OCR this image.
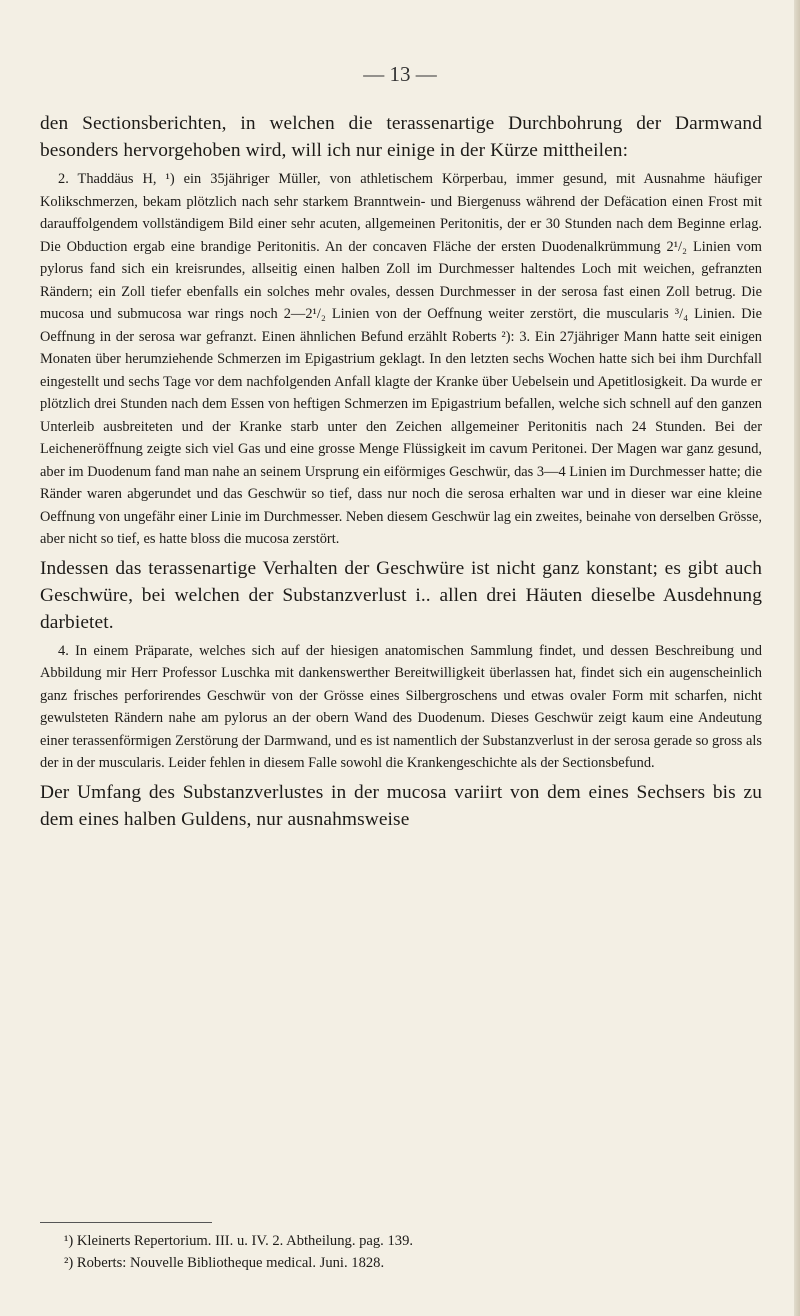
— 13 —

den Sectionsberichten, in welchen die terassenartige Durchbohrung der Darmwand besonders hervorgehoben wird, will ich nur einige in der Kürze mittheilen:

2. Thaddäus H, ¹) ein 35jähriger Müller, von athletischem Körperbau, immer gesund, mit Ausnahme häufiger Kolikschmerzen, bekam plötzlich nach sehr starkem Branntwein- und Biergenuss während der Defäcation einen Frost mit darauffolgendem vollständigem Bild einer sehr acuten, allgemeinen Peritonitis, der er 30 Stunden nach dem Beginne erlag. Die Obduction ergab eine brandige Peritonitis. An der concaven Fläche der ersten Duodenalkrümmung 2¹/₂ Linien vom pylorus fand sich ein kreisrundes, allseitig einen halben Zoll im Durchmesser haltendes Loch mit weichen, gefranzten Rändern; ein Zoll tiefer ebenfalls ein solches mehr ovales, dessen Durchmesser in der serosa fast einen Zoll betrug. Die mucosa und submucosa war rings noch 2—2¹/₂ Linien von der Oeffnung weiter zerstört, die muscularis ³/₄ Linien. Die Oeffnung in der serosa war gefranzt. Einen ähnlichen Befund erzählt Roberts ²): 3. Ein 27jähriger Mann hatte seit einigen Monaten über herumziehende Schmerzen im Epigastrium geklagt. In den letzten sechs Wochen hatte sich bei ihm Durchfall eingestellt und sechs Tage vor dem nachfolgenden Anfall klagte der Kranke über Uebelsein und Apetitlosigkeit. Da wurde er plötzlich drei Stunden nach dem Essen von heftigen Schmerzen im Epigastrium befallen, welche sich schnell auf den ganzen Unterleib ausbreiteten und der Kranke starb unter den Zeichen allgemeiner Peritonitis nach 24 Stunden. Bei der Leicheneröffnung zeigte sich viel Gas und eine grosse Menge Flüssigkeit im cavum Peritonei. Der Magen war ganz gesund, aber im Duodenum fand man nahe an seinem Ursprung ein eiförmiges Geschwür, das 3—4 Linien im Durchmesser hatte; die Ränder waren abgerundet und das Geschwür so tief, dass nur noch die serosa erhalten war und in dieser war eine kleine Oeffnung von ungefähr einer Linie im Durchmesser. Neben diesem Geschwür lag ein zweites, beinahe von derselben Grösse, aber nicht so tief, es hatte bloss die mucosa zerstört.

Indessen das terassenartige Verhalten der Geschwüre ist nicht ganz konstant; es gibt auch Geschwüre, bei welchen der Substanzverlust i.. allen drei Häuten dieselbe Ausdehnung darbietet.

4. In einem Präparate, welches sich auf der hiesigen anatomischen Sammlung findet, und dessen Beschreibung und Abbildung mir Herr Professor Luschka mit dankenswerther Bereitwilligkeit überlassen hat, findet sich ein augenscheinlich ganz frisches perforirendes Geschwür von der Grösse eines Silbergroschens und etwas ovaler Form mit scharfen, nicht gewulsteten Rändern nahe am pylorus an der obern Wand des Duodenum. Dieses Geschwür zeigt kaum eine Andeutung einer terassenförmigen Zerstörung der Darmwand, und es ist namentlich der Substanzverlust in der serosa gerade so gross als der in der muscularis. Leider fehlen in diesem Falle sowohl die Krankengeschichte als der Sectionsbefund.

Der Umfang des Substanzverlustes in der mucosa variirt von dem eines Sechsers bis zu dem eines halben Guldens, nur ausnahmsweise

¹) Kleinerts Repertorium. III. u. IV. 2. Abtheilung. pag. 139.
²) Roberts: Nouvelle Bibliotheque medical. Juni. 1828.
